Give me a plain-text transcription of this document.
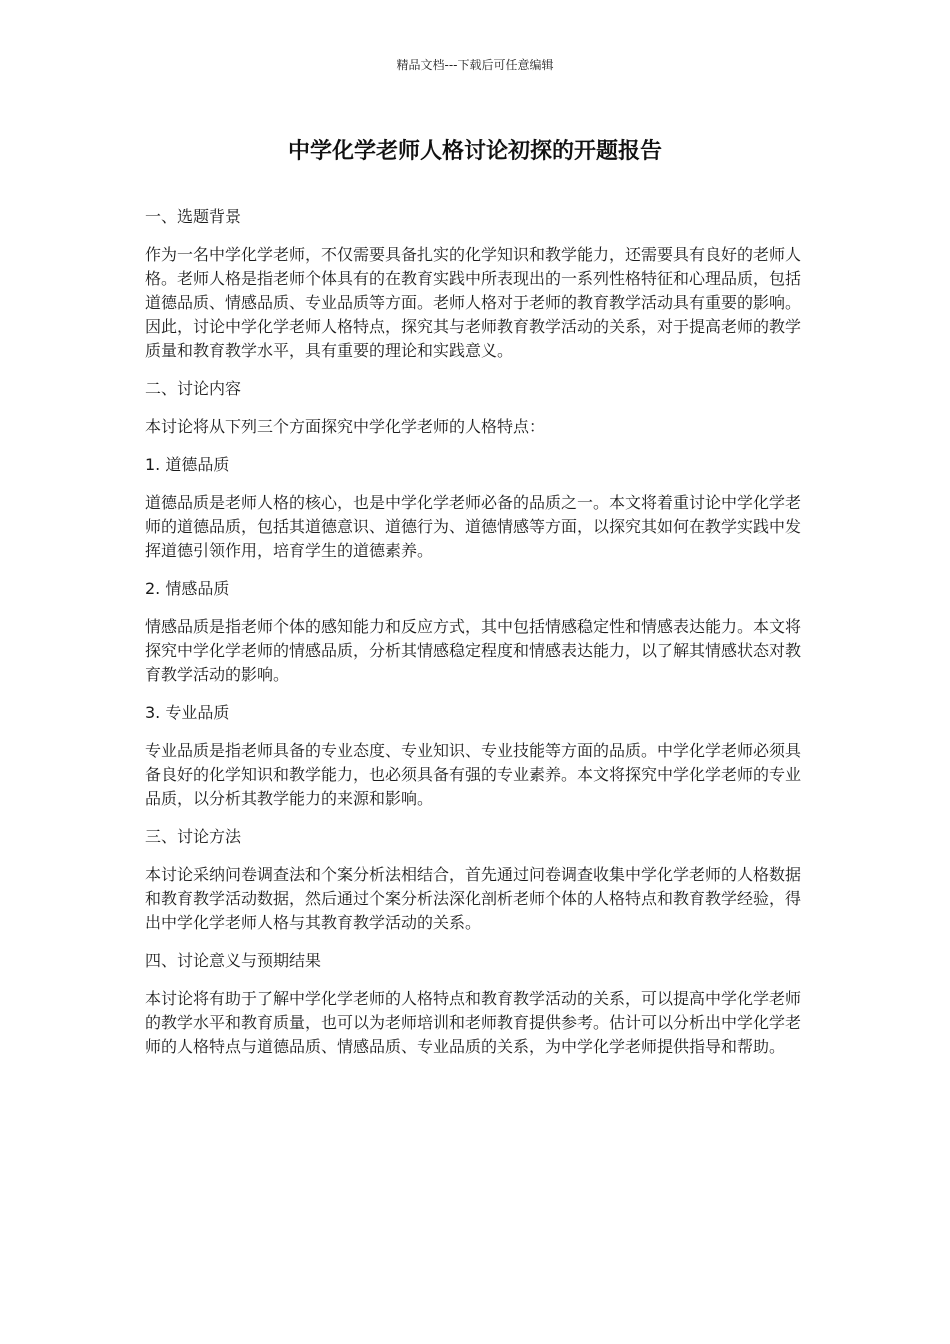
精品文档---下载后可任意编辑
中学化学老师人格讨论初探的开题报告

一、选题背景

作为一名中学化学老师，不仅需要具备扎实的化学知识和教学能力，还需要具有良好的老师人格。老师人格是指老师个体具有的在教育实践中所表现出的一系列性格特征和心理品质，包括道德品质、情感品质、专业品质等方面。老师人格对于老师的教育教学活动具有重要的影响。因此，讨论中学化学老师人格特点，探究其与老师教育教学活动的关系，对于提高老师的教学质量和教育教学水平，具有重要的理论和实践意义。

二、讨论内容

本讨论将从下列三个方面探究中学化学老师的人格特点：

1. 道德品质

道德品质是老师人格的核心，也是中学化学老师必备的品质之一。本文将着重讨论中学化学老师的道德品质，包括其道德意识、道德行为、道德情感等方面，以探究其如何在教学实践中发挥道德引领作用，培育学生的道德素养。

2. 情感品质

情感品质是指老师个体的感知能力和反应方式，其中包括情感稳定性和情感表达能力。本文将探究中学化学老师的情感品质，分析其情感稳定程度和情感表达能力，以了解其情感状态对教育教学活动的影响。

3. 专业品质

专业品质是指老师具备的专业态度、专业知识、专业技能等方面的品质。中学化学老师必须具备良好的化学知识和教学能力，也必须具备有强的专业素养。本文将探究中学化学老师的专业品质，以分析其教学能力的来源和影响。

三、讨论方法

本讨论采纳问卷调查法和个案分析法相结合，首先通过问卷调查收集中学化学老师的人格数据和教育教学活动数据，然后通过个案分析法深化剖析老师个体的人格特点和教育教学经验，得出中学化学老师人格与其教育教学活动的关系。

四、讨论意义与预期结果

本讨论将有助于了解中学化学老师的人格特点和教育教学活动的关系，可以提高中学化学老师的教学水平和教育质量，也可以为老师培训和老师教育提供参考。估计可以分析出中学化学老师的人格特点与道德品质、情感品质、专业品质的关系，为中学化学老师提供指导和帮助。
